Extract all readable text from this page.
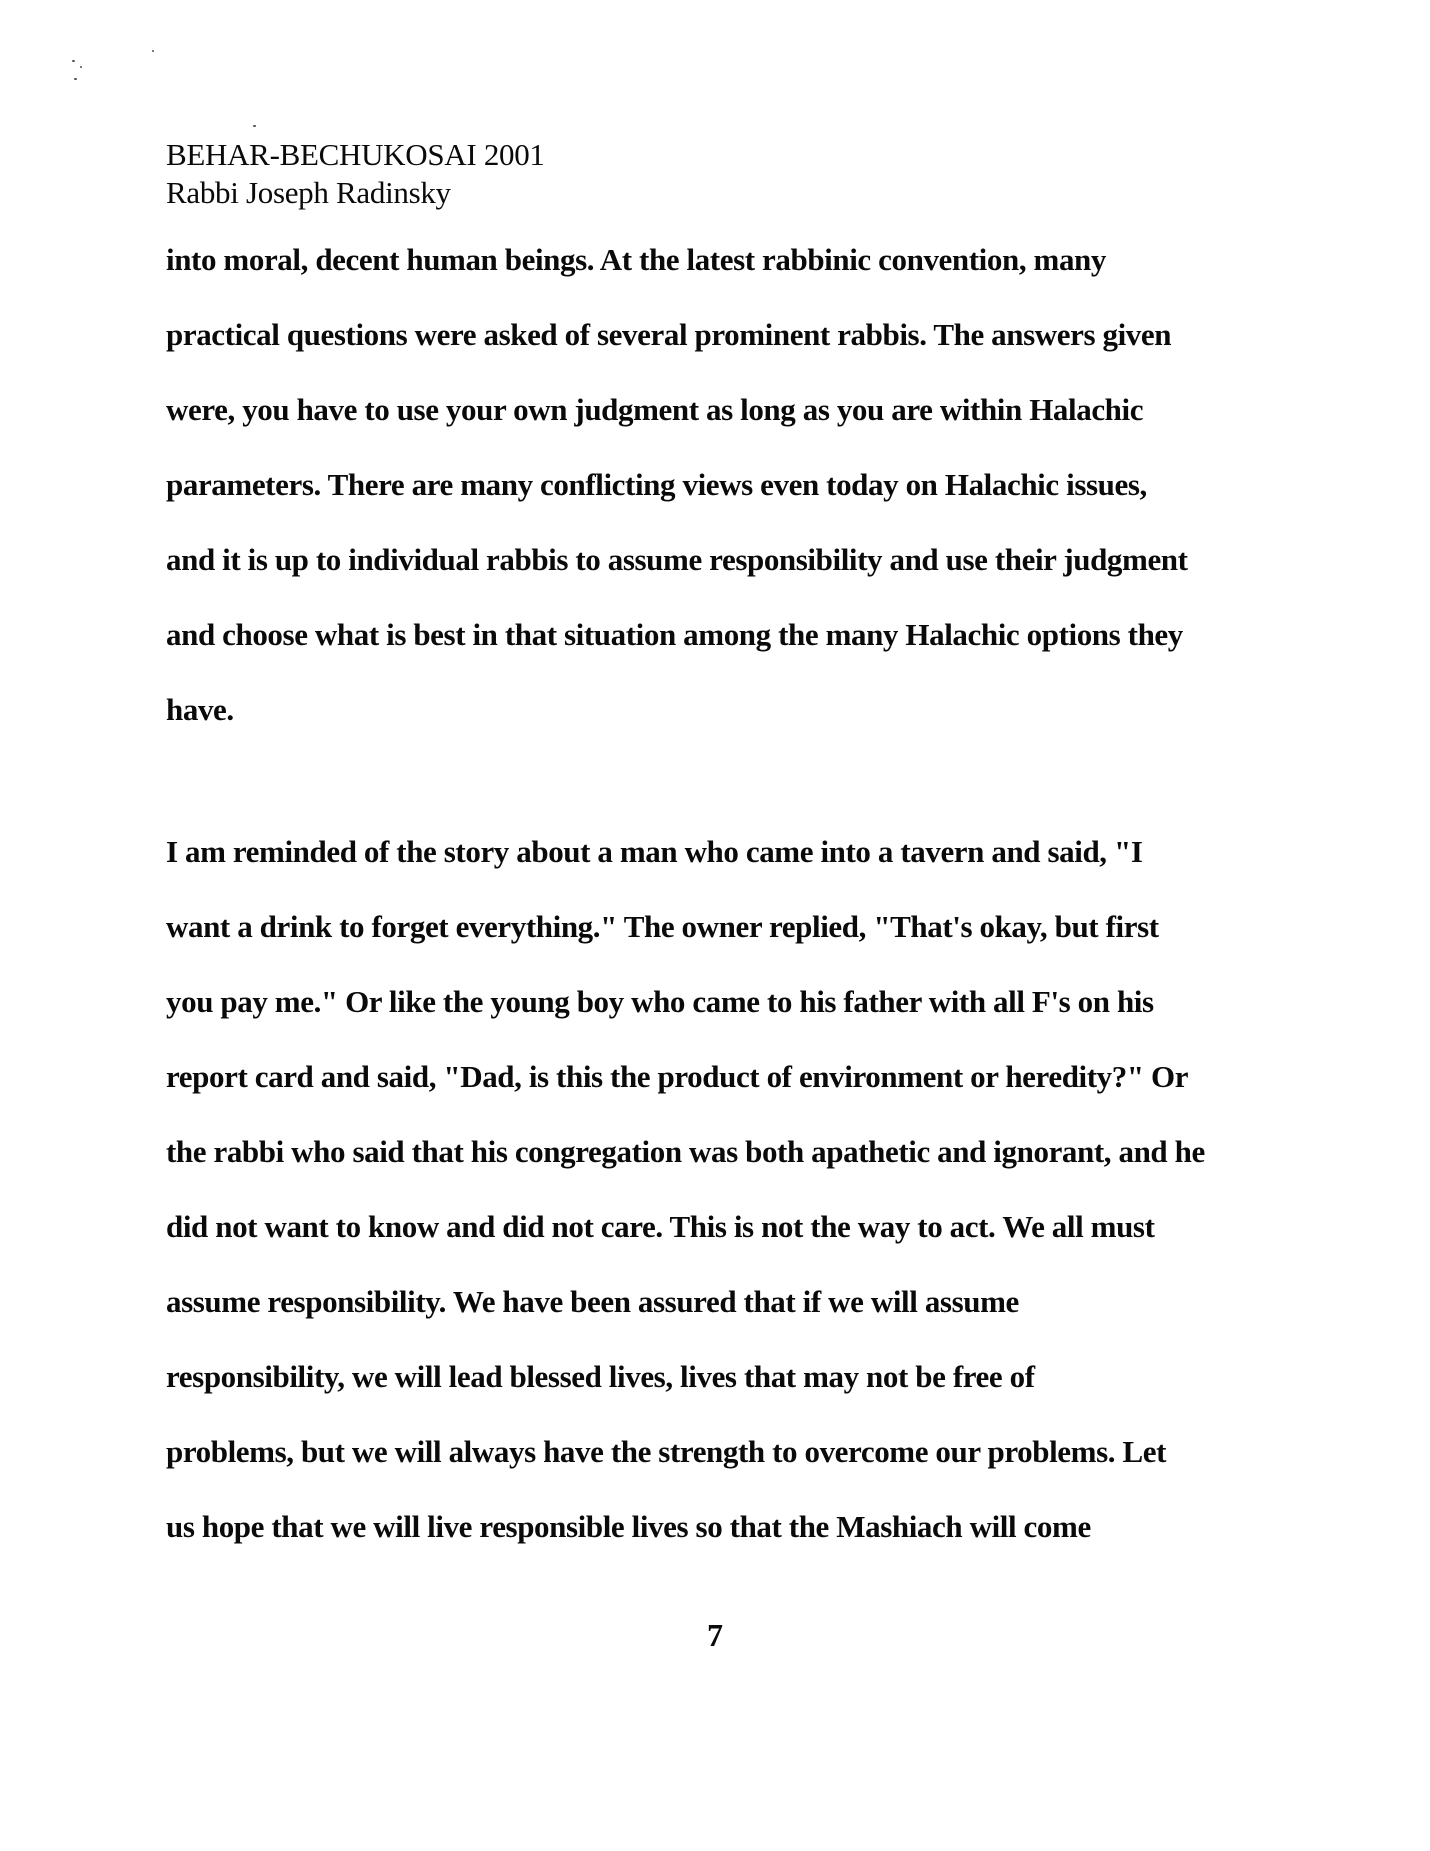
BEHAR-BECHUKOSAI 2001
Rabbi Joseph Radinsky
into moral, decent human beings. At the latest rabbinic convention, many
practical questions were asked of several prominent rabbis. The answers given
were, you have to use your own judgment as long as you are within Halachic
parameters. There are many conflicting views even today on Halachic issues,
and it is up to individual rabbis to assume responsibility and use their judgment
and choose what is best in that situation among the many Halachic options they
have.
I am reminded of the story about a man who came into a tavern and said, "I
want a drink to forget everything." The owner replied, "That's okay, but first
you pay me." Or like the young boy who came to his father with all F's on his
report card and said, "Dad, is this the product of environment or heredity?" Or
the rabbi who said that his congregation was both apathetic and ignorant, and he
did not want to know and did not care. This is not the way to act. We all must
assume responsibility. We have been assured that if we will assume
responsibility, we will lead blessed lives, lives that may not be free of
problems, but we will always have the strength to overcome our problems. Let
us hope that we will live responsible lives so that the Mashiach will come
7
